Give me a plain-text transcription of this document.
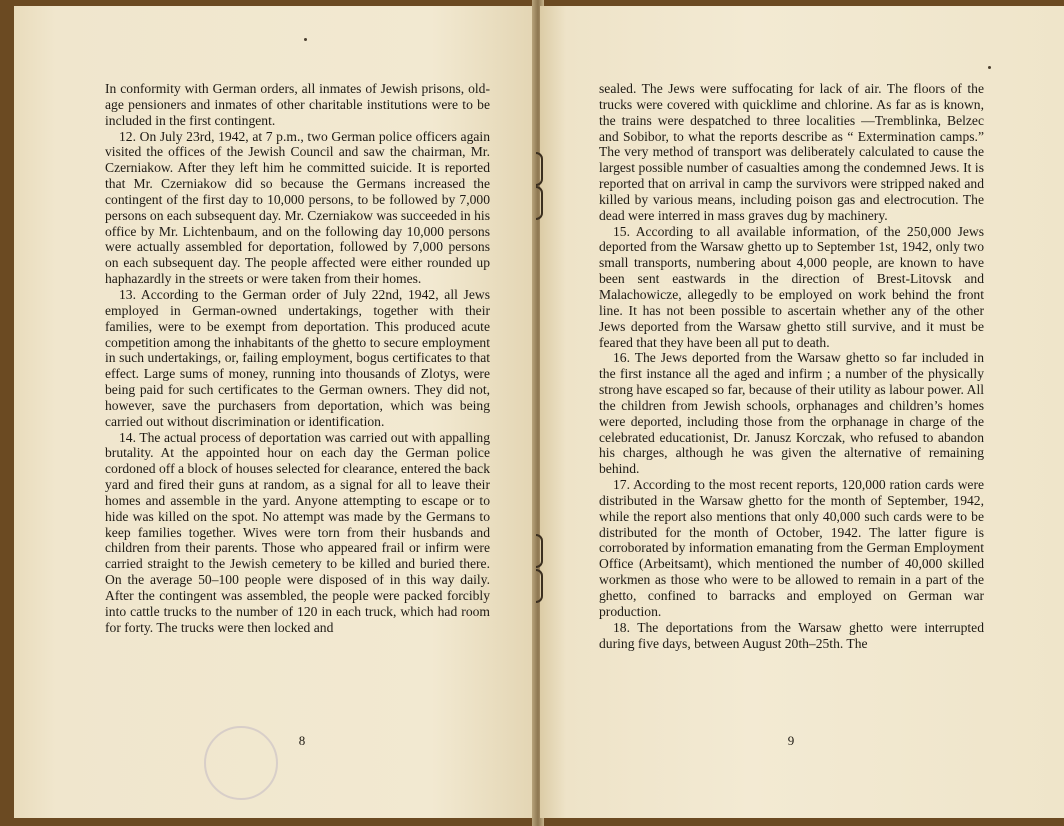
In conformity with German orders, all inmates of Jewish prisons, old-age pensioners and inmates of other charitable institutions were to be included in the first contingent.

12. On July 23rd, 1942, at 7 p.m., two German police officers again visited the offices of the Jewish Council and saw the chairman, Mr. Czerniakow. After they left him he committed suicide. It is reported that Mr. Czerniakow did so because the Germans increased the contingent of the first day to 10,000 persons, to be followed by 7,000 persons on each subsequent day. Mr. Czerniakow was succeeded in his office by Mr. Lichtenbaum, and on the following day 10,000 persons were actually assembled for deportation, followed by 7,000 persons on each subsequent day. The people affected were either rounded up haphazardly in the streets or were taken from their homes.

13. According to the German order of July 22nd, 1942, all Jews employed in German-owned undertakings, together with their families, were to be exempt from deportation. This produced acute competition among the inhabitants of the ghetto to secure employment in such undertakings, or, failing employment, bogus certificates to that effect. Large sums of money, running into thousands of Zlotys, were being paid for such certificates to the German owners. They did not, however, save the purchasers from deportation, which was being carried out without discrimination or identification.

14. The actual process of deportation was carried out with appalling brutality. At the appointed hour on each day the German police cordoned off a block of houses selected for clearance, entered the back yard and fired their guns at random, as a signal for all to leave their homes and assemble in the yard. Anyone attempting to escape or to hide was killed on the spot. No attempt was made by the Germans to keep families together. Wives were torn from their husbands and children from their parents. Those who appeared frail or infirm were carried straight to the Jewish cemetery to be killed and buried there. On the average 50–100 people were disposed of in this way daily. After the contingent was assembled, the people were packed forcibly into cattle trucks to the number of 120 in each truck, which had room for forty. The trucks were then locked and

8

sealed. The Jews were suffocating for lack of air. The floors of the trucks were covered with quicklime and chlorine. As far as is known, the trains were despatched to three localities —Tremblinka, Belzec and Sobibor, to what the reports describe as “ Extermination camps.” The very method of transport was deliberately calculated to cause the largest possible number of casualties among the condemned Jews. It is reported that on arrival in camp the survivors were stripped naked and killed by various means, including poison gas and electrocution. The dead were interred in mass graves dug by machinery.

15. According to all available information, of the 250,000 Jews deported from the Warsaw ghetto up to September 1st, 1942, only two small transports, numbering about 4,000 people, are known to have been sent eastwards in the direction of Brest-Litovsk and Malachowicze, allegedly to be employed on work behind the front line. It has not been possible to ascertain whether any of the other Jews deported from the Warsaw ghetto still survive, and it must be feared that they have been all put to death.

16. The Jews deported from the Warsaw ghetto so far included in the first instance all the aged and infirm ; a number of the physically strong have escaped so far, because of their utility as labour power. All the children from Jewish schools, orphanages and children’s homes were deported, including those from the orphanage in charge of the celebrated educationist, Dr. Janusz Korczak, who refused to abandon his charges, although he was given the alternative of remaining behind.

17. According to the most recent reports, 120,000 ration cards were distributed in the Warsaw ghetto for the month of September, 1942, while the report also mentions that only 40,000 such cards were to be distributed for the month of October, 1942. The latter figure is corroborated by information emanating from the German Employment Office (Arbeitsamt), which mentioned the number of 40,000 skilled workmen as those who were to be allowed to remain in a part of the ghetto, confined to barracks and employed on German war production.

18. The deportations from the Warsaw ghetto were interrupted during five days, between August 20th–25th. The

9
